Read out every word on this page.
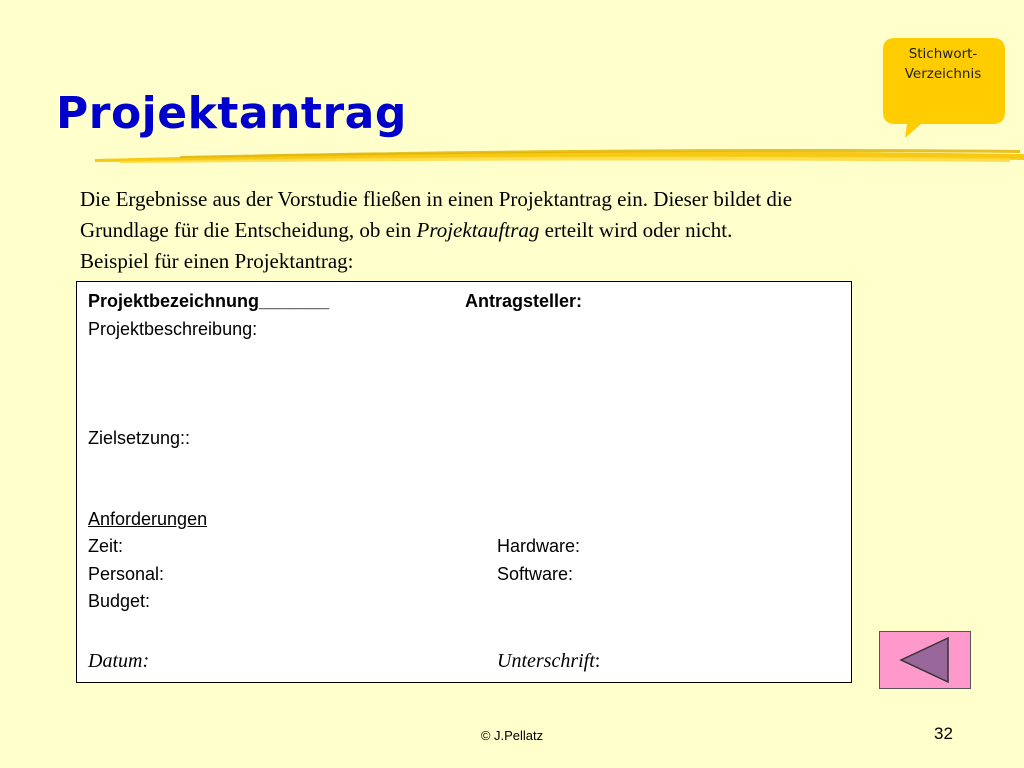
Projektantrag
Stichwort-
Verzeichnis
Die Ergebnisse aus der Vorstudie fließen in einen Projektantrag ein. Dieser bildet die
Grundlage für die Entscheidung, ob ein Projektauftrag erteilt wird oder nicht.
Beispiel für einen Projektantrag:
Projektbezeichnung_______	Antragsteller:
Projektbeschreibung:
Zielsetzung::
Anforderungen
Zeit:	Hardware:
Personal:	Software:
Budget:
Datum:	Unterschrift:
© J.Pellatz	32
